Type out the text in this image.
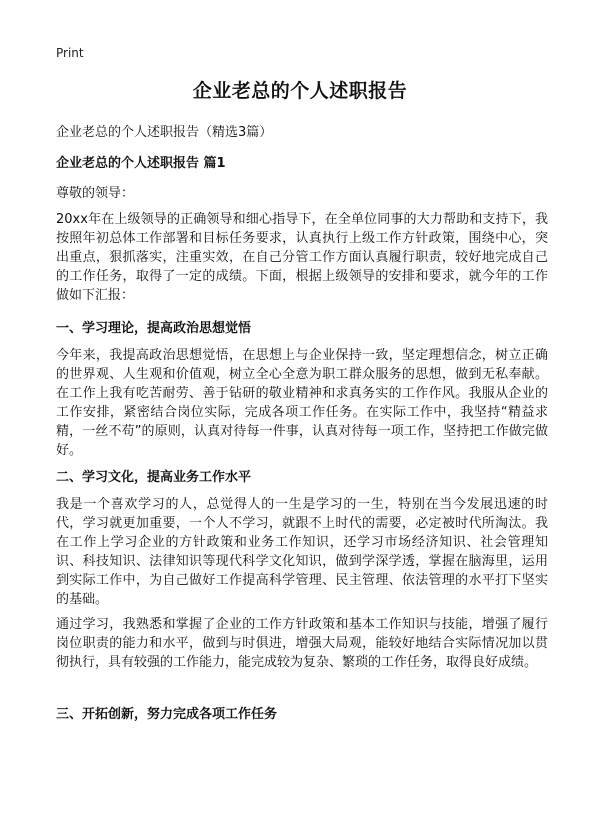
Print
企业老总的个人述职报告
企业老总的个人述职报告（精选3篇）
企业老总的个人述职报告 篇1
尊敬的领导：
20xx年在上级领导的正确领导和细心指导下，在全单位同事的大力帮助和支持下，我按照年初总体工作部署和目标任务要求，认真执行上级工作方针政策，围绕中心，突出重点，狠抓落实，注重实效，在自己分管工作方面认真履行职责，较好地完成自己的工作任务，取得了一定的成绩。下面，根据上级领导的安排和要求，就今年的工作做如下汇报：
一、学习理论，提高政治思想觉悟
今年来，我提高政治思想觉悟，在思想上与企业保持一致，坚定理想信念，树立正确的世界观、人生观和价值观，树立全心全意为职工群众服务的思想，做到无私奉献。在工作上我有吃苦耐劳、善于钻研的敬业精神和求真务实的工作作风。我服从企业的工作安排，紧密结合岗位实际，完成各项工作任务。在实际工作中，我坚持“精益求精，一丝不苟”的原则，认真对待每一件事，认真对待每一项工作，坚持把工作做完做好。
二、学习文化，提高业务工作水平
我是一个喜欢学习的人，总觉得人的一生是学习的一生，特别在当今发展迅速的时代，学习就更加重要，一个人不学习，就跟不上时代的需要，必定被时代所淘汰。我在工作上学习企业的方针政策和业务工作知识，还学习市场经济知识、社会管理知识、科技知识、法律知识等现代科学文化知识，做到学深学透，掌握在脑海里，运用到实际工作中，为自己做好工作提高科学管理、民主管理、依法管理的水平打下坚实的基础。
通过学习，我熟悉和掌握了企业的工作方针政策和基本工作知识与技能，增强了履行岗位职责的能力和水平，做到与时俱进，增强大局观，能较好地结合实际情况加以贯彻执行，具有较强的工作能力，能完成较为复杂、繁琐的工作任务，取得良好成绩。
三、开拓创新，努力完成各项工作任务
